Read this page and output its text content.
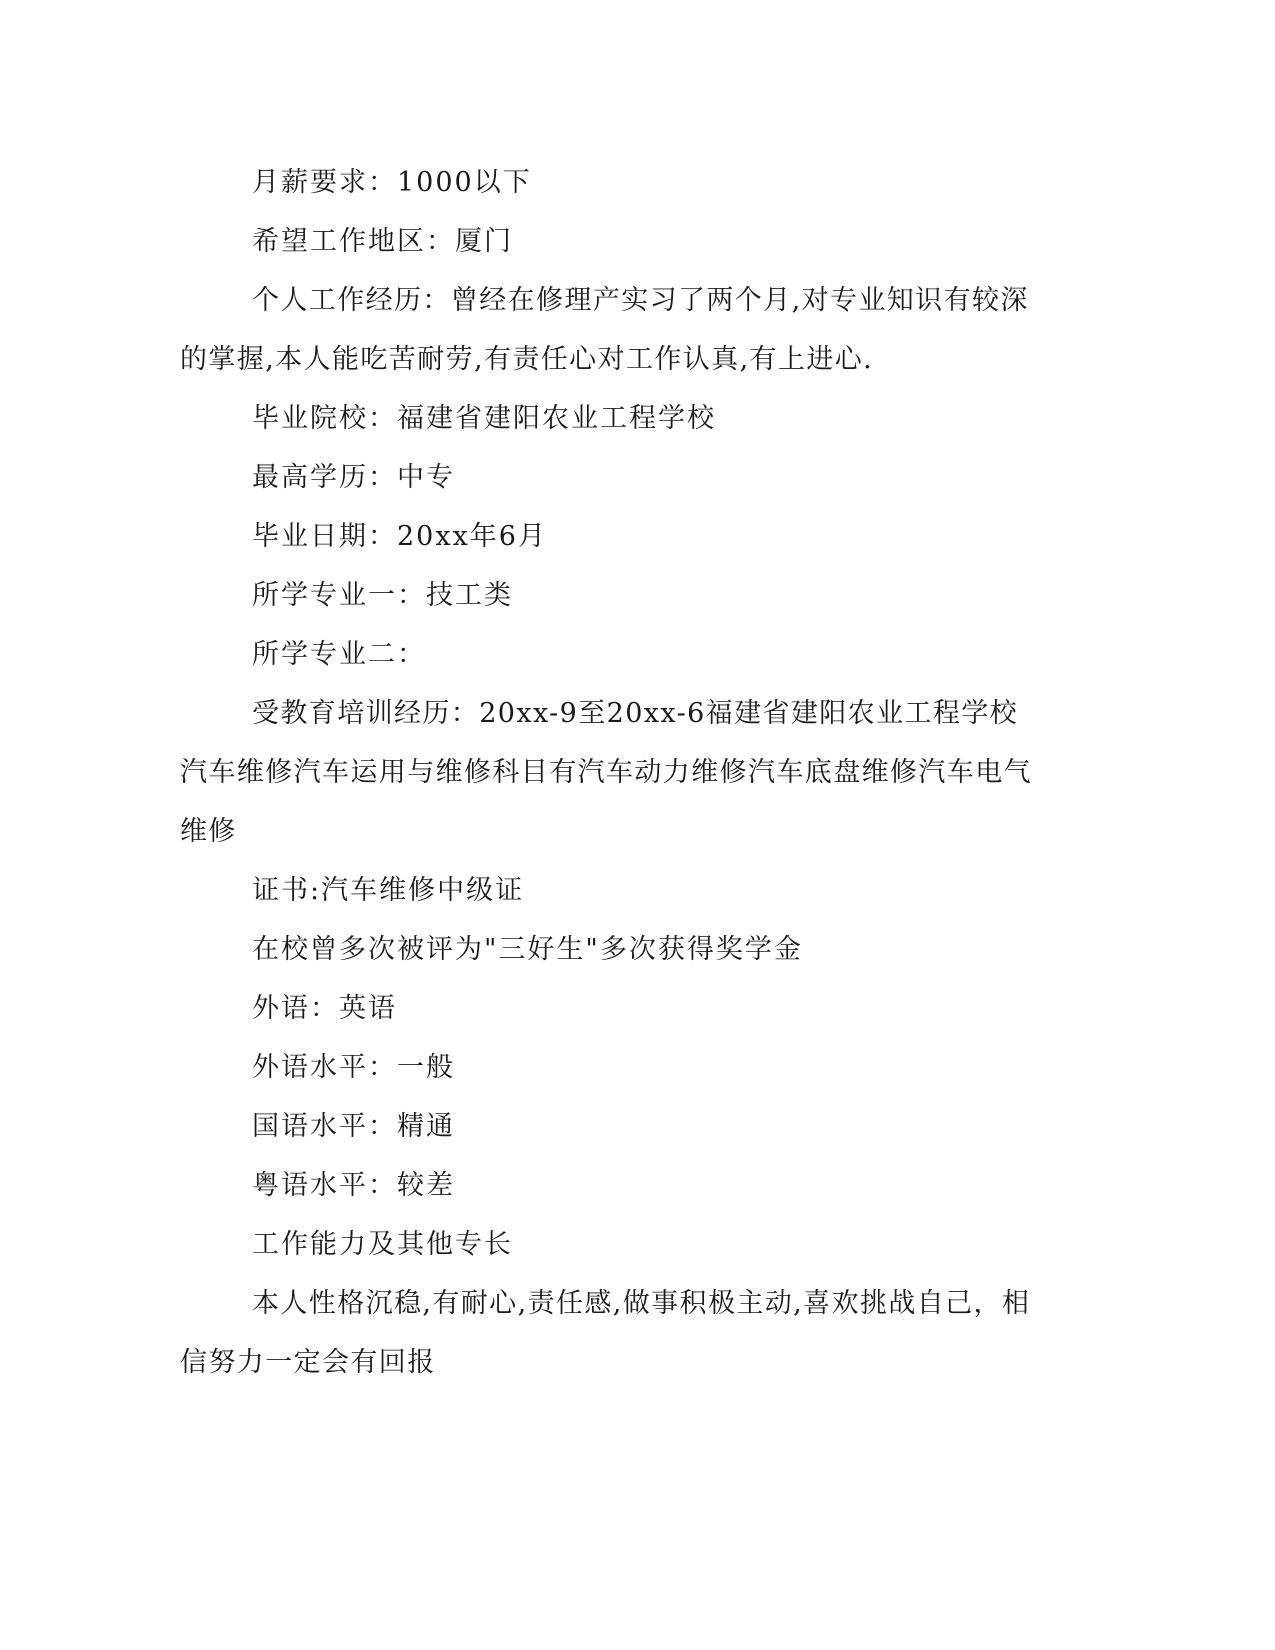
月薪要求：1000以下

希望工作地区：厦门

个人工作经历：曾经在修理产实习了两个月,对专业知识有较深的掌握,本人能吃苦耐劳,有责任心对工作认真,有上进心.

毕业院校：福建省建阳农业工程学校

最高学历：中专

毕业日期：20xx年6月

所学专业一：技工类

所学专业二：

受教育培训经历：20xx-9至20xx-6福建省建阳农业工程学校汽车维修汽车运用与维修科目有汽车动力维修汽车底盘维修汽车电气维修

证书:汽车维修中级证

在校曾多次被评为"三好生"多次获得奖学金

外语：英语

外语水平：一般

国语水平：精通

粤语水平：较差

工作能力及其他专长

本人性格沉稳,有耐心,责任感,做事积极主动,喜欢挑战自己，相信努力一定会有回报
